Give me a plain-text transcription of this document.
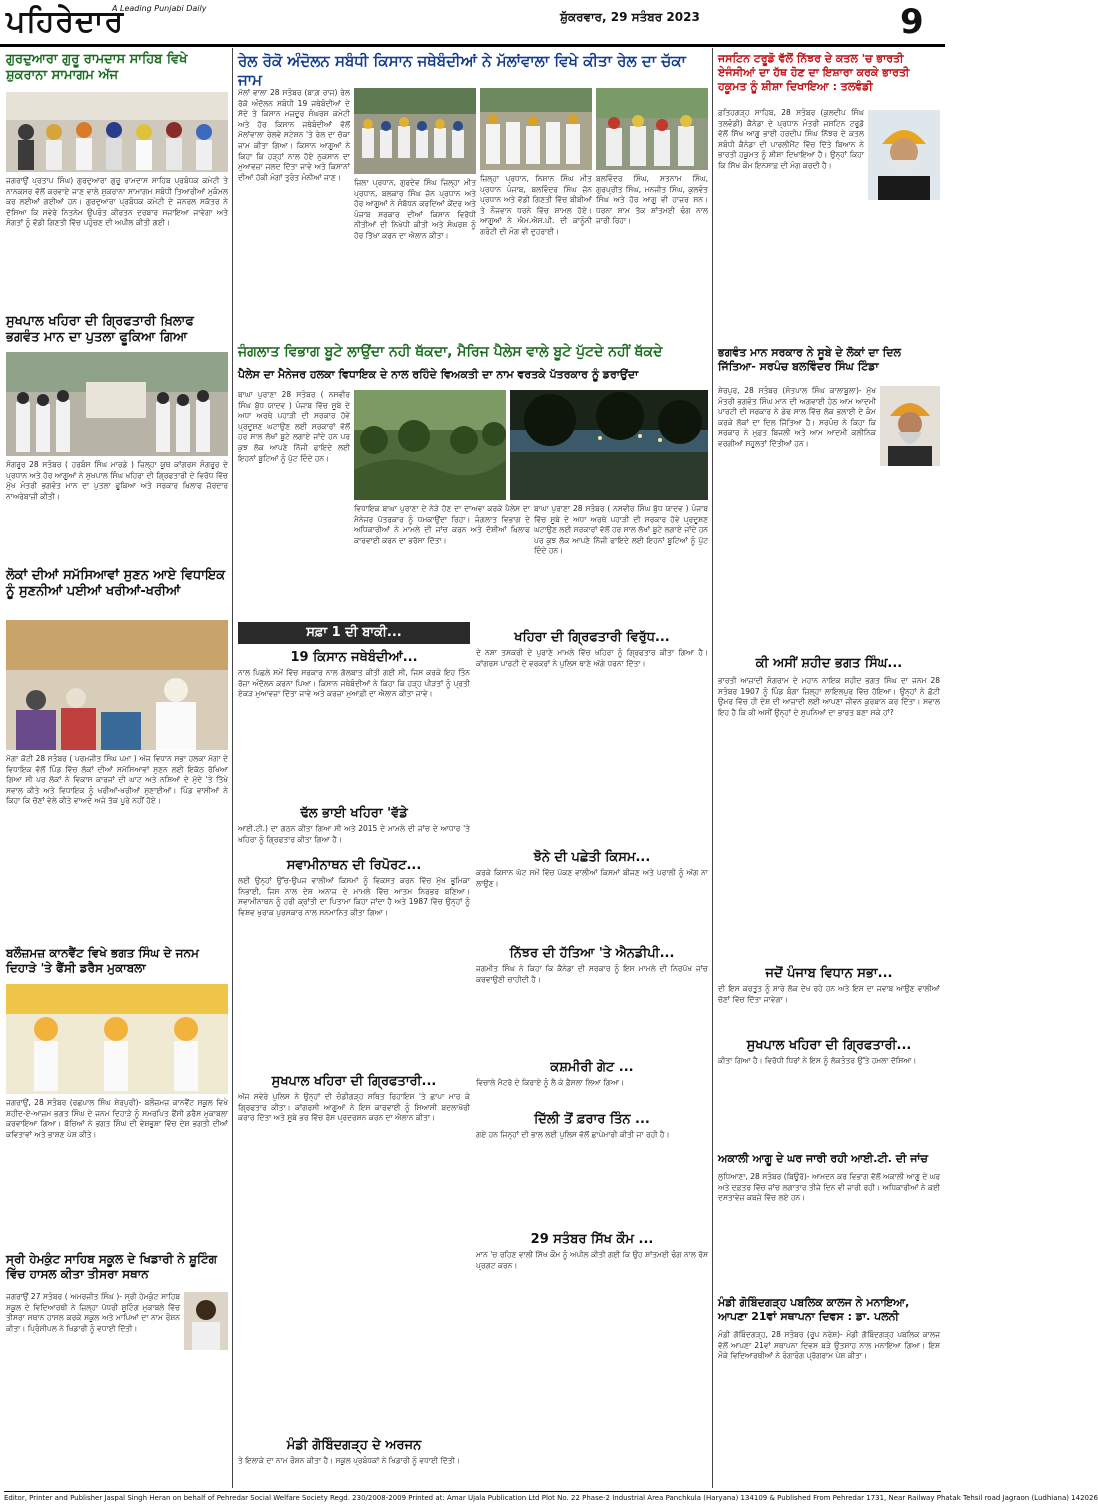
ਪਹਿਰੇਦਾਰ
A Leading Punjabi Daily
ਸ਼ੁੱਕਰਵਾਰ, 29 ਸਤੰਬਰ 2023	9
ਗੁਰਦੁਆਰਾ ਗੁਰੂ ਰਾਮਦਾਸ ਸਾਹਿਬ ਵਿਖੇ ਸ਼ੁਕਰਾਨਾ ਸਾਮਾਗਮ ਅੱਜ
ਜਗਰਾਉਂ ਪ੍ਰਤਾਪ ਸਿੰਘ) ਗੁਰਦੁਆਰਾ ਗੁਰੂ ਰਾਮਦਾਸ ਸਾਹਿਬ ਪ੍ਰਬੰਧਕ ਕਮੇਟੀ ਤੇ ਨਾਨਕਸਰ ਵੱਲੋਂ ਕਰਵਾਏ ਜਾਣ ਵਾਲੇ ਸ਼ੁਕਰਾਨਾ ਸਾਮਾਗਮ ਸਬੰਧੀ ਤਿਆਰੀਆਂ ਮੁਕੰਮਲ ਕਰ ਲਈਆਂ ਗਈਆਂ ਹਨ। ਗੁਰਦੁਆਰਾ ਪ੍ਰਬੰਧਕ ਕਮੇਟੀ ਦੇ ਜਨਰਲ ਸਕੱਤਰ ਨੇ ਦੱਸਿਆ ਕਿ ਸਵੇਰੇ ਨਿਤਨੇਮ ਉਪਰੰਤ ਕੀਰਤਨ ਦਰਬਾਰ ਸਜਾਇਆ ਜਾਵੇਗਾ ਅਤੇ ਸੰਗਤਾਂ ਨੂੰ ਵੱਡੀ ਗਿਣਤੀ ਵਿੱਚ ਪਹੁੰਚਣ ਦੀ ਅਪੀਲ ਕੀਤੀ ਗਈ।
ਸੁਖਪਾਲ ਖਹਿਰਾ ਦੀ ਗ੍ਰਿਫਤਾਰੀ ਖ਼ਿਲਾਫ ਭਗਵੰਤ ਮਾਨ ਦਾ ਪੁਤਲਾ ਫੂਕਿਆ ਗਿਆ
ਸੰਗਰੂਰ 28 ਸਤੰਬਰ ( ਹਰਬੰਸ ਸਿੰਘ ਮਾਰਡੇ ) ਜ਼ਿਲ੍ਹਾ ਯੂਥ ਕਾਂਗਰਸ ਸੰਗਰੂਰ ਦੇ ਪ੍ਰਧਾਨ ਅਤੇ ਹੋਰ ਆਗੂਆਂ ਨੇ ਸੁਖਪਾਲ ਸਿੰਘ ਖਹਿਰਾ ਦੀ ਗ੍ਰਿਫਤਾਰੀ ਦੇ ਵਿਰੋਧ ਵਿੱਚ ਮੁੱਖ ਮੰਤਰੀ ਭਗਵੰਤ ਮਾਨ ਦਾ ਪੁਤਲਾ ਫੂਕਿਆ ਅਤੇ ਸਰਕਾਰ ਖ਼ਿਲਾਫ ਜ਼ੋਰਦਾਰ ਨਾਅਰੇਬਾਜ਼ੀ ਕੀਤੀ।
ਲੋਕਾਂ ਦੀਆਂ ਸਮੱਸਿਆਵਾਂ ਸੁਣਨ ਆਏ ਵਿਧਾਇਕ ਨੂੰ ਸੁਣਨੀਆਂ ਪਈਆਂ ਖਰੀਆਂ-ਖਰੀਆਂ
ਮੋਗਾ ਕੋਟੀ 28 ਸਤੰਬਰ ( ਪਰਮਜੀਤ ਸਿੰਘ ਪਮਾ ) ਅੱਜ ਵਿਧਾਨ ਸਭਾ ਹਲਕਾ ਮੋਗਾ ਦੇ ਵਿਧਾਇਕ ਵੱਲੋਂ ਪਿੰਡ ਵਿੱਚ ਲੋਕਾਂ ਦੀਆਂ ਸਮੱਸਿਆਵਾਂ ਸੁਣਨ ਲਈ ਇਕੱਠ ਰੱਖਿਆ ਗਿਆ ਸੀ ਪਰ ਲੋਕਾਂ ਨੇ ਵਿਕਾਸ ਕਾਰਜਾਂ ਦੀ ਘਾਟ ਅਤੇ ਨਸ਼ਿਆਂ ਦੇ ਮੁੱਦੇ 'ਤੇ ਤਿੱਖੇ ਸਵਾਲ ਕੀਤੇ ਅਤੇ ਵਿਧਾਇਕ ਨੂੰ ਖਰੀਆਂ-ਖਰੀਆਂ ਸੁਣਾਈਆਂ। ਪਿੰਡ ਵਾਸੀਆਂ ਨੇ ਕਿਹਾ ਕਿ ਚੋਣਾਂ ਵੇਲੇ ਕੀਤੇ ਵਾਅਦੇ ਅਜੇ ਤੱਕ ਪੂਰੇ ਨਹੀਂ ਹੋਏ।
ਬਲੌਜ਼ਮਜ਼ ਕਾਨਵੈਂਟ ਵਿਖੇ ਭਗਤ ਸਿੰਘ ਦੇ ਜਨਮ ਦਿਹਾੜੇ 'ਤੇ ਫੈਂਸੀ ਡਰੈਸ ਮੁਕਾਬਲਾ
ਜਗਰਾਉਂ, 28 ਸਤੰਬਰ (ਰਛਪਾਲ ਸਿੰਘ ਸ਼ੇਰਪੁਰੀ)- ਬਲੌਜ਼ਮਜ਼ ਕਾਨਵੈਂਟ ਸਕੂਲ ਵਿਖੇ ਸ਼ਹੀਦ-ਏ-ਆਜ਼ਮ ਭਗਤ ਸਿੰਘ ਦੇ ਜਨਮ ਦਿਹਾੜੇ ਨੂੰ ਸਮਰਪਿਤ ਫੈਂਸੀ ਡਰੈਸ ਮੁਕਾਬਲਾ ਕਰਵਾਇਆ ਗਿਆ। ਬੱਚਿਆਂ ਨੇ ਭਗਤ ਸਿੰਘ ਦੀ ਵੇਸ਼ਭੂਸ਼ਾ ਵਿੱਚ ਦੇਸ਼ ਭਗਤੀ ਦੀਆਂ ਕਵਿਤਾਵਾਂ ਅਤੇ ਭਾਸ਼ਣ ਪੇਸ਼ ਕੀਤੇ।
ਸ੍ਰੀ ਹੇਮਕੁੰਟ ਸਾਹਿਬ ਸਕੂਲ ਦੇ ਖਿਡਾਰੀ ਨੇ ਸ਼ੂਟਿੰਗ ਵਿੱਚ ਹਾਸਲ ਕੀਤਾ ਤੀਸਰਾ ਸਥਾਨ
ਜਗਰਾਉਂ 27 ਸਤੰਬਰ ( ਅਮਰਜੀਤ ਸਿੰਘ )- ਸ੍ਰੀ ਹੇਮਕੁੰਟ ਸਾਹਿਬ ਸਕੂਲ ਦੇ ਵਿਦਿਆਰਥੀ ਨੇ ਜ਼ਿਲ੍ਹਾ ਪੱਧਰੀ ਸ਼ੂਟਿੰਗ ਮੁਕਾਬਲੇ ਵਿੱਚ ਤੀਸਰਾ ਸਥਾਨ ਹਾਸਲ ਕਰਕੇ ਸਕੂਲ ਅਤੇ ਮਾਪਿਆਂ ਦਾ ਨਾਮ ਰੌਸ਼ਨ ਕੀਤਾ। ਪ੍ਰਿੰਸੀਪਲ ਨੇ ਖਿਡਾਰੀ ਨੂੰ ਵਧਾਈ ਦਿੱਤੀ।
ਰੇਲ ਰੋਕੋ ਅੰਦੋਲਨ ਸਬੰਧੀ ਕਿਸਾਨ ਜਥੇਬੰਦੀਆਂ ਨੇ ਮੱਲਾਂਵਾਲਾ ਵਿਖੇ ਕੀਤਾ ਰੇਲ ਦਾ ਚੱਕਾ ਜਾਮ
ਮੱਲਾਂ ਵਾਲਾ 28 ਸਤੰਬਰ (ਬਾਗ਼ ਰਾਜ) ਰੇਲ ਰੋਕੋ ਅੰਦੋਲਨ ਸਬੰਧੀ 19 ਜਥੇਬੰਦੀਆਂ ਦੇ ਸੱਦੇ ਤੇ ਕਿਸਾਨ ਮਜ਼ਦੂਰ ਸੰਘਰਸ਼ ਕਮੇਟੀ ਅਤੇ ਹੋਰ ਕਿਸਾਨ ਜਥੇਬੰਦੀਆਂ ਵੱਲੋਂ ਮੱਲਾਂਵਾਲਾ ਰੇਲਵੇ ਸਟੇਸ਼ਨ 'ਤੇ ਰੇਲ ਦਾ ਚੱਕਾ ਜਾਮ ਕੀਤਾ ਗਿਆ। ਕਿਸਾਨ ਆਗੂਆਂ ਨੇ ਕਿਹਾ ਕਿ ਹੜ੍ਹਾਂ ਨਾਲ ਹੋਏ ਨੁਕਸਾਨ ਦਾ ਮੁਆਵਜ਼ਾ ਜਲਦ ਦਿੱਤਾ ਜਾਵੇ ਅਤੇ ਕਿਸਾਨਾਂ ਦੀਆਂ ਹੱਕੀ ਮੰਗਾਂ ਤੁਰੰਤ ਮੰਨੀਆਂ ਜਾਣ।
ਜ਼ਿਲਾ ਪ੍ਰਧਾਨ, ਗੁਰਦੇਵ ਸਿੰਘ ਜ਼ਿਲ੍ਹਾ ਮੀਤ ਪ੍ਰਧਾਨ, ਬਲਕਾਰ ਸਿੰਘ ਜ਼ੋਨ ਪ੍ਰਧਾਨ ਅਤੇ ਹੋਰ ਆਗੂਆਂ ਨੇ ਸੰਬੋਧਨ ਕਰਦਿਆਂ ਕੇਂਦਰ ਅਤੇ ਪੰਜਾਬ ਸਰਕਾਰ ਦੀਆਂ ਕਿਸਾਨ ਵਿਰੋਧੀ ਨੀਤੀਆਂ ਦੀ ਨਿਖੇਧੀ ਕੀਤੀ ਅਤੇ ਸੰਘਰਸ਼ ਨੂੰ ਹੋਰ ਤਿੱਖਾ ਕਰਨ ਦਾ ਐਲਾਨ ਕੀਤਾ।
ਜ਼ਿਲ੍ਹਾ ਪ੍ਰਧਾਨ, ਨਿਸ਼ਾਨ ਸਿੰਘ ਮੀਤ ਪ੍ਰਧਾਨ ਪੰਜਾਬ, ਬਲਵਿੰਦਰ ਸਿੰਘ ਜ਼ੋਨ ਪ੍ਰਧਾਨ ਅਤੇ ਵੱਡੀ ਗਿਣਤੀ ਵਿੱਚ ਬੀਬੀਆਂ ਤੇ ਨੌਜਵਾਨ ਧਰਨੇ ਵਿੱਚ ਸ਼ਾਮਲ ਹੋਏ। ਆਗੂਆਂ ਨੇ ਐਮ.ਐਸ.ਪੀ. ਦੀ ਕਾਨੂੰਨੀ ਗਰੰਟੀ ਦੀ ਮੰਗ ਵੀ ਦੁਹਰਾਈ।
ਬਲਵਿੰਦਰ ਸਿੰਘ, ਸਤਨਾਮ ਸਿੰਘ, ਗੁਰਪ੍ਰੀਤ ਸਿੰਘ, ਮਨਜੀਤ ਸਿੰਘ, ਕੁਲਵੰਤ ਸਿੰਘ ਅਤੇ ਹੋਰ ਆਗੂ ਵੀ ਹਾਜ਼ਰ ਸਨ। ਧਰਨਾ ਸ਼ਾਮ ਤੱਕ ਸ਼ਾਂਤਮਈ ਢੰਗ ਨਾਲ ਜਾਰੀ ਰਿਹਾ।
ਜੰਗਲਾਤ ਵਿਭਾਗ ਬੂਟੇ ਲਾਉਂਦਾ ਨਹੀ ਥੱਕਦਾ, ਮੈਰਿਜ ਪੈਲੇਸ ਵਾਲੇ ਬੂਟੇ ਪੁੱਟਦੇ ਨਹੀਂ ਥੱਕਦੇ
ਪੈਲੇਸ ਦਾ ਮੈਨੇਜਰ ਹਲਕਾ ਵਿਧਾਇਕ ਦੇ ਨਾਲ ਰਹਿੰਦੇ ਵਿਅਕਤੀ ਦਾ ਨਾਮ ਵਰਤਕੇ ਪੱਤਰਕਾਰ ਨੂੰ ਡਰਾਉਂਦਾ
ਬਾਘਾ ਪੁਰਾਣਾ 28 ਸਤੰਬਰ ( ਨਸਵੀਰ ਸਿੰਘ ਬੁੱਧ ਯਾਦਵ ) ਪੰਜਾਬ ਵਿੱਚ ਸੂਬੇ ਦੇ ਅਧਾ ਅਰਥੇ ਪਹਾੜੀ ਦੀ ਸਰਕਾਰ ਹੋਵੇ ਪ੍ਰਦੂਸ਼ਣ ਘਟਾਉਣ ਲਈ ਸਰਕਾਰਾਂ ਵੱਲੋਂ ਹਰ ਸਾਲ ਲੱਖਾਂ ਬੂਟੇ ਲਗਾਏ ਜਾਂਦੇ ਹਨ ਪਰ ਕੁਝ ਲੋਕ ਆਪਣੇ ਨਿੱਜੀ ਫਾਇਦੇ ਲਈ ਇਹਨਾਂ ਬੂਟਿਆਂ ਨੂੰ ਪੁੱਟ ਦਿੰਦੇ ਹਨ।
ਵਿਧਾਇਕ ਬਾਘਾ ਪੁਰਾਣਾ ਦੇ ਨੇੜੇ ਹੋਣ ਦਾ ਦਾਅਵਾ ਕਰਕੇ ਪੈਲੇਸ ਦਾ ਮੈਨੇਜਰ ਪੱਤਰਕਾਰ ਨੂੰ ਧਮਕਾਉਂਦਾ ਰਿਹਾ। ਜੰਗਲਾਤ ਵਿਭਾਗ ਦੇ ਅਧਿਕਾਰੀਆਂ ਨੇ ਮਾਮਲੇ ਦੀ ਜਾਂਚ ਕਰਨ ਅਤੇ ਦੋਸ਼ੀਆਂ ਖ਼ਿਲਾਫ ਕਾਰਵਾਈ ਕਰਨ ਦਾ ਭਰੋਸਾ ਦਿੱਤਾ।
ਬਾਘਾ ਪੁਰਾਣਾ 28 ਸਤੰਬਰ ( ਨਸਵੀਰ ਸਿੰਘ ਬੁੱਧ ਯਾਦਵ ) ਪੰਜਾਬ ਵਿੱਚ ਸੂਬੇ ਦੇ ਅਧਾ ਅਰਥੇ ਪਹਾੜੀ ਦੀ ਸਰਕਾਰ ਹੋਵੇ ਪ੍ਰਦੂਸ਼ਣ ਘਟਾਉਣ ਲਈ ਸਰਕਾਰਾਂ ਵੱਲੋਂ ਹਰ ਸਾਲ ਲੱਖਾਂ ਬੂਟੇ ਲਗਾਏ ਜਾਂਦੇ ਹਨ ਪਰ ਕੁਝ ਲੋਕ ਆਪਣੇ ਨਿੱਜੀ ਫਾਇਦੇ ਲਈ ਇਹਨਾਂ ਬੂਟਿਆਂ ਨੂੰ ਪੁੱਟ ਦਿੰਦੇ ਹਨ।
ਸਫ਼ਾ 1 ਦੀ ਬਾਕੀ...
19 ਕਿਸਾਨ ਜਥੇਬੰਦੀਆਂ...
ਨਾਲ ਪਿਛਲੇ ਸਮੇਂ ਵਿੱਚ ਸਰਕਾਰ ਨਾਲ ਗੱਲਬਾਤ ਕੀਤੀ ਗਈ ਸੀ, ਜਿਸ ਕਰਕੇ ਇਹ ਤਿੰਨ ਰੋਜ਼ਾ ਅੰਦੋਲਨ ਕਰਨਾ ਪਿਆ। ਕਿਸਾਨ ਜਥੇਬੰਦੀਆਂ ਨੇ ਕਿਹਾ ਕਿ ਹੜ੍ਹ ਪੀੜਤਾਂ ਨੂੰ ਪ੍ਰਤੀ ਏਕੜ ਮੁਆਵਜ਼ਾ ਦਿੱਤਾ ਜਾਵੇ ਅਤੇ ਕਰਜ਼ਾ ਮੁਆਫ਼ੀ ਦਾ ਐਲਾਨ ਕੀਤਾ ਜਾਵੇ।
ਢੱਲ ਭਾਈ ਖਹਿਰਾ 'ਵੱਡੇ
ਆਈ.ਟੀ.) ਦਾ ਗਠਨ ਕੀਤਾ ਗਿਆ ਸੀ ਅਤੇ 2015 ਦੇ ਮਾਮਲੇ ਦੀ ਜਾਂਚ ਦੇ ਆਧਾਰ 'ਤੇ ਖਹਿਰਾ ਨੂੰ ਗ੍ਰਿਫਤਾਰ ਕੀਤਾ ਗਿਆ ਹੈ।
ਸਵਾਮੀਨਾਥਨ ਦੀ ਰਿਪੋਰਟ...
ਲਈ ਉਨ੍ਹਾਂ ਉੱਚ-ਉਪਜ ਵਾਲੀਆਂ ਕਿਸਮਾਂ ਨੂੰ ਵਿਕਸਤ ਕਰਨ ਵਿੱਚ ਮੁੱਖ ਭੂਮਿਕਾ ਨਿਭਾਈ, ਜਿਸ ਨਾਲ ਦੇਸ਼ ਅਨਾਜ ਦੇ ਮਾਮਲੇ ਵਿੱਚ ਆਤਮ ਨਿਰਭਰ ਬਣਿਆ। ਸਵਾਮੀਨਾਥਨ ਨੂੰ ਹਰੀ ਕ੍ਰਾਂਤੀ ਦਾ ਪਿਤਾਮਾ ਕਿਹਾ ਜਾਂਦਾ ਹੈ ਅਤੇ 1987 ਵਿੱਚ ਉਨ੍ਹਾਂ ਨੂੰ ਵਿਸ਼ਵ ਖੁਰਾਕ ਪੁਰਸਕਾਰ ਨਾਲ ਸਨਮਾਨਿਤ ਕੀਤਾ ਗਿਆ।
ਸੁਖਪਾਲ ਖਹਿਰਾ ਦੀ ਗ੍ਰਿਫਤਾਰੀ...
ਅੱਜ ਸਵੇਰੇ ਪੁਲਿਸ ਨੇ ਉਨ੍ਹਾਂ ਦੀ ਚੰਡੀਗੜ੍ਹ ਸਥਿਤ ਰਿਹਾਇਸ਼ 'ਤੇ ਛਾਪਾ ਮਾਰ ਕੇ ਗ੍ਰਿਫਤਾਰ ਕੀਤਾ। ਕਾਂਗਰਸੀ ਆਗੂਆਂ ਨੇ ਇਸ ਕਾਰਵਾਈ ਨੂੰ ਸਿਆਸੀ ਬਦਲਾਖੋਰੀ ਕਰਾਰ ਦਿੱਤਾ ਅਤੇ ਸੂਬੇ ਭਰ ਵਿੱਚ ਰੋਸ ਪ੍ਰਦਰਸ਼ਨ ਕਰਨ ਦਾ ਐਲਾਨ ਕੀਤਾ।
ਮੰਡੀ ਗੋਬਿੰਦਗੜ੍ਹ ਦੇ ਅਰਜਨ
ਤੇ ਇਲਾਕੇ ਦਾ ਨਾਮ ਰੌਸ਼ਨ ਕੀਤਾ ਹੈ। ਸਕੂਲ ਪ੍ਰਬੰਧਕਾਂ ਨੇ ਖਿਡਾਰੀ ਨੂੰ ਵਧਾਈ ਦਿੱਤੀ।
ਖਹਿਰਾ ਦੀ ਗ੍ਰਿਫਤਾਰੀ ਵਿਰੁੱਧ...
ਦੇ ਨਸ਼ਾ ਤਸਕਰੀ ਦੇ ਪੁਰਾਣੇ ਮਾਮਲੇ ਵਿੱਚ ਖਹਿਰਾ ਨੂੰ ਗ੍ਰਿਫਤਾਰ ਕੀਤਾ ਗਿਆ ਹੈ। ਕਾਂਗਰਸ ਪਾਰਟੀ ਦੇ ਵਰਕਰਾਂ ਨੇ ਪੁਲਿਸ ਥਾਣੇ ਅੱਗੇ ਧਰਨਾ ਦਿੱਤਾ।
ਝੋਨੇ ਦੀ ਪਛੇਤੀ ਕਿਸਮ...
ਕਰਕੇ ਕਿਸਾਨ ਘੱਟ ਸਮੇਂ ਵਿੱਚ ਪੱਕਣ ਵਾਲੀਆਂ ਕਿਸਮਾਂ ਬੀਜਣ ਅਤੇ ਪਰਾਲੀ ਨੂੰ ਅੱਗ ਨਾ ਲਾਉਣ।
ਨਿੱਝਰ ਦੀ ਹੱਤਿਆ 'ਤੇ ਐਨਡੀਪੀ...
ਜਗਮੀਤ ਸਿੰਘ ਨੇ ਕਿਹਾ ਕਿ ਕੈਨੇਡਾ ਦੀ ਸਰਕਾਰ ਨੂੰ ਇਸ ਮਾਮਲੇ ਦੀ ਨਿਰਪੱਖ ਜਾਂਚ ਕਰਵਾਉਣੀ ਚਾਹੀਦੀ ਹੈ।
ਕਸ਼ਮੀਰੀ ਗੇਟ ...
ਵਿਚਾਲੇ ਮੈਟਰੋ ਦੇ ਕਿਰਾਏ ਨੂੰ ਲੈ ਕੇ ਫ਼ੈਸਲਾ ਲਿਆ ਗਿਆ।
ਦਿੱਲੀ ਤੋਂ ਫ਼ਰਾਰ ਤਿੰਨ ...
ਗਏ ਹਨ ਜਿਨ੍ਹਾਂ ਦੀ ਭਾਲ ਲਈ ਪੁਲਿਸ ਵੱਲੋਂ ਛਾਪੇਮਾਰੀ ਕੀਤੀ ਜਾ ਰਹੀ ਹੈ।
29 ਸਤੰਬਰ ਸਿੱਖ ਕੌਮ ...
ਮਾਨ 'ਚ ਰਹਿਣ ਵਾਲੀ ਸਿੱਖ ਕੌਮ ਨੂੰ ਅਪੀਲ ਕੀਤੀ ਗਈ ਕਿ ਉਹ ਸ਼ਾਂਤਮਈ ਢੰਗ ਨਾਲ ਰੋਸ ਪ੍ਰਗਟ ਕਰਨ।
ਜਸਟਿਨ ਟਰੂਡੋ ਵੱਲੋਂ ਨਿੱਝਰ ਦੇ ਕਤਲ 'ਚ ਭਾਰਤੀ ਏਜੰਸੀਆਂ ਦਾ ਹੱਥ ਹੋਣ ਦਾ ਇਸ਼ਾਰਾ ਕਰਕੇ ਭਾਰਤੀ ਹਕੂਮਤ ਨੂੰ ਸ਼ੀਸ਼ਾ ਦਿਖਾਇਆ : ਤਲਵੰਡੀ
ਫ਼ਤਿਹਗੜ੍ਹ ਸਾਹਿਬ, 28 ਸਤੰਬਰ (ਕੁਲਦੀਪ ਸਿੰਘ ਤਲਵੰਡੀ) ਕੈਨੇਡਾ ਦੇ ਪ੍ਰਧਾਨ ਮੰਤਰੀ ਜਸਟਿਨ ਟਰੂਡੋ ਵੱਲੋਂ ਸਿੱਖ ਆਗੂ ਭਾਈ ਹਰਦੀਪ ਸਿੰਘ ਨਿੱਝਰ ਦੇ ਕਤਲ ਸਬੰਧੀ ਕੈਨੇਡਾ ਦੀ ਪਾਰਲੀਮੈਂਟ ਵਿੱਚ ਦਿੱਤੇ ਬਿਆਨ ਨੇ ਭਾਰਤੀ ਹਕੂਮਤ ਨੂੰ ਸ਼ੀਸ਼ਾ ਦਿਖਾਇਆ ਹੈ। ਉਨ੍ਹਾਂ ਕਿਹਾ ਕਿ ਸਿੱਖ ਕੌਮ ਇਨਸਾਫ਼ ਦੀ ਮੰਗ ਕਰਦੀ ਹੈ।
ਭਗਵੰਤ ਮਾਨ ਸਰਕਾਰ ਨੇ ਸੂਬੇ ਦੇ ਲੋਕਾਂ ਦਾ ਦਿਲ ਜਿੱਤਿਆ- ਸਰਪੰਚ ਬਲਵਿੰਦਰ ਸਿੰਘ ਟਿੰਡਾ
ਸ਼ੇਰਪੁਰ, 28 ਸਤੰਬਰ (ਸੰਤਪਾਲ ਸਿੰਘ ਕਾਲਾਬੂਲਾ)- ਮੁੱਖ ਮੰਤਰੀ ਭਗਵੰਤ ਸਿੰਘ ਮਾਨ ਦੀ ਅਗਵਾਈ ਹੇਠ ਆਮ ਆਦਮੀ ਪਾਰਟੀ ਦੀ ਸਰਕਾਰ ਨੇ ਡੇਢ ਸਾਲ ਵਿੱਚ ਲੋਕ ਭਲਾਈ ਦੇ ਕੰਮ ਕਰਕੇ ਲੋਕਾਂ ਦਾ ਦਿਲ ਜਿੱਤਿਆ ਹੈ। ਸਰਪੰਚ ਨੇ ਕਿਹਾ ਕਿ ਸਰਕਾਰ ਨੇ ਮੁਫ਼ਤ ਬਿਜਲੀ ਅਤੇ ਆਮ ਆਦਮੀ ਕਲੀਨਿਕ ਵਰਗੀਆਂ ਸਹੂਲਤਾਂ ਦਿੱਤੀਆਂ ਹਨ।
ਕੀ ਅਸੀਂ ਸ਼ਹੀਦ ਭਗਤ ਸਿੰਘ...
ਭਾਰਤੀ ਆਜ਼ਾਦੀ ਸੰਗਰਾਮ ਦੇ ਮਹਾਨ ਨਾਇਕ ਸ਼ਹੀਦ ਭਗਤ ਸਿੰਘ ਦਾ ਜਨਮ 28 ਸਤੰਬਰ 1907 ਨੂੰ ਪਿੰਡ ਬੰਗਾ ਜ਼ਿਲ੍ਹਾ ਲਾਇਲਪੁਰ ਵਿੱਚ ਹੋਇਆ। ਉਨ੍ਹਾਂ ਨੇ ਛੋਟੀ ਉਮਰ ਵਿੱਚ ਹੀ ਦੇਸ਼ ਦੀ ਆਜ਼ਾਦੀ ਲਈ ਆਪਣਾ ਜੀਵਨ ਕੁਰਬਾਨ ਕਰ ਦਿੱਤਾ। ਸਵਾਲ ਇਹ ਹੈ ਕਿ ਕੀ ਅਸੀਂ ਉਨ੍ਹਾਂ ਦੇ ਸੁਪਨਿਆਂ ਦਾ ਭਾਰਤ ਬਣਾ ਸਕੇ ਹਾਂ?
ਜਦੋਂ ਪੰਜਾਬ ਵਿਧਾਨ ਸਭਾ...
ਦੀ ਇਸ ਕਰਤੂਤ ਨੂੰ ਸਾਰੇ ਲੋਕ ਦੇਖ ਰਹੇ ਹਨ ਅਤੇ ਇਸ ਦਾ ਜਵਾਬ ਆਉਣ ਵਾਲੀਆਂ ਚੋਣਾਂ ਵਿੱਚ ਦਿੱਤਾ ਜਾਵੇਗਾ।
ਸੁਖਪਾਲ ਖਹਿਰਾ ਦੀ ਗ੍ਰਿਫਤਾਰੀ...
ਕੀਤਾ ਗਿਆ ਹੈ। ਵਿਰੋਧੀ ਧਿਰਾਂ ਨੇ ਇਸ ਨੂੰ ਲੋਕਤੰਤਰ ਉੱਤੇ ਹਮਲਾ ਦੱਸਿਆ।
ਅਕਾਲੀ ਆਗੂ ਦੇ ਘਰ ਜਾਰੀ ਰਹੀ ਆਈ.ਟੀ. ਦੀ ਜਾਂਚ
ਲੁਧਿਆਣਾ, 28 ਸਤੰਬਰ (ਬਿਊਰੋ)- ਆਮਦਨ ਕਰ ਵਿਭਾਗ ਵੱਲੋਂ ਅਕਾਲੀ ਆਗੂ ਦੇ ਘਰ ਅਤੇ ਦਫ਼ਤਰ ਵਿੱਚ ਜਾਂਚ ਲਗਾਤਾਰ ਤੀਜੇ ਦਿਨ ਵੀ ਜਾਰੀ ਰਹੀ। ਅਧਿਕਾਰੀਆਂ ਨੇ ਕਈ ਦਸਤਾਵੇਜ਼ ਕਬਜ਼ੇ ਵਿੱਚ ਲਏ ਹਨ।
ਮੰਡੀ ਗੋਬਿੰਦਗੜ੍ਹ ਪਬਲਿਕ ਕਾਲਜ ਨੇ ਮਨਾਇਆ, ਆਪਣਾ 21ਵਾਂ ਸਥਾਪਨਾ ਦਿਵਸ : ਡਾ. ਪਲਨੀ
ਮੰਡੀ ਗੋਬਿੰਦਗੜ੍ਹ, 28 ਸਤੰਬਰ (ਰੂਪ ਨਰੇਸ਼)- ਮੰਡੀ ਗੋਬਿੰਦਗੜ੍ਹ ਪਬਲਿਕ ਕਾਲਜ ਵੱਲੋਂ ਆਪਣਾ 21ਵਾਂ ਸਥਾਪਨਾ ਦਿਵਸ ਬੜੇ ਉਤਸ਼ਾਹ ਨਾਲ ਮਨਾਇਆ ਗਿਆ। ਇਸ ਮੌਕੇ ਵਿਦਿਆਰਥੀਆਂ ਨੇ ਰੰਗਾਰੰਗ ਪ੍ਰੋਗਰਾਮ ਪੇਸ਼ ਕੀਤਾ।
Editor, Printer and Publisher Jaspal Singh Heran on behalf of Pehredar Social Welfare Society Regd. 230/2008-2009 Printed at: Amar Ujala Publication Ltd Plot No. 22 Phase-2 Industrial Area Panchkula (Haryana) 134109 & Published From Pehredar 1731, Near Railway Phatak Tehsil road Jagraon (Ludhiana) 142026
